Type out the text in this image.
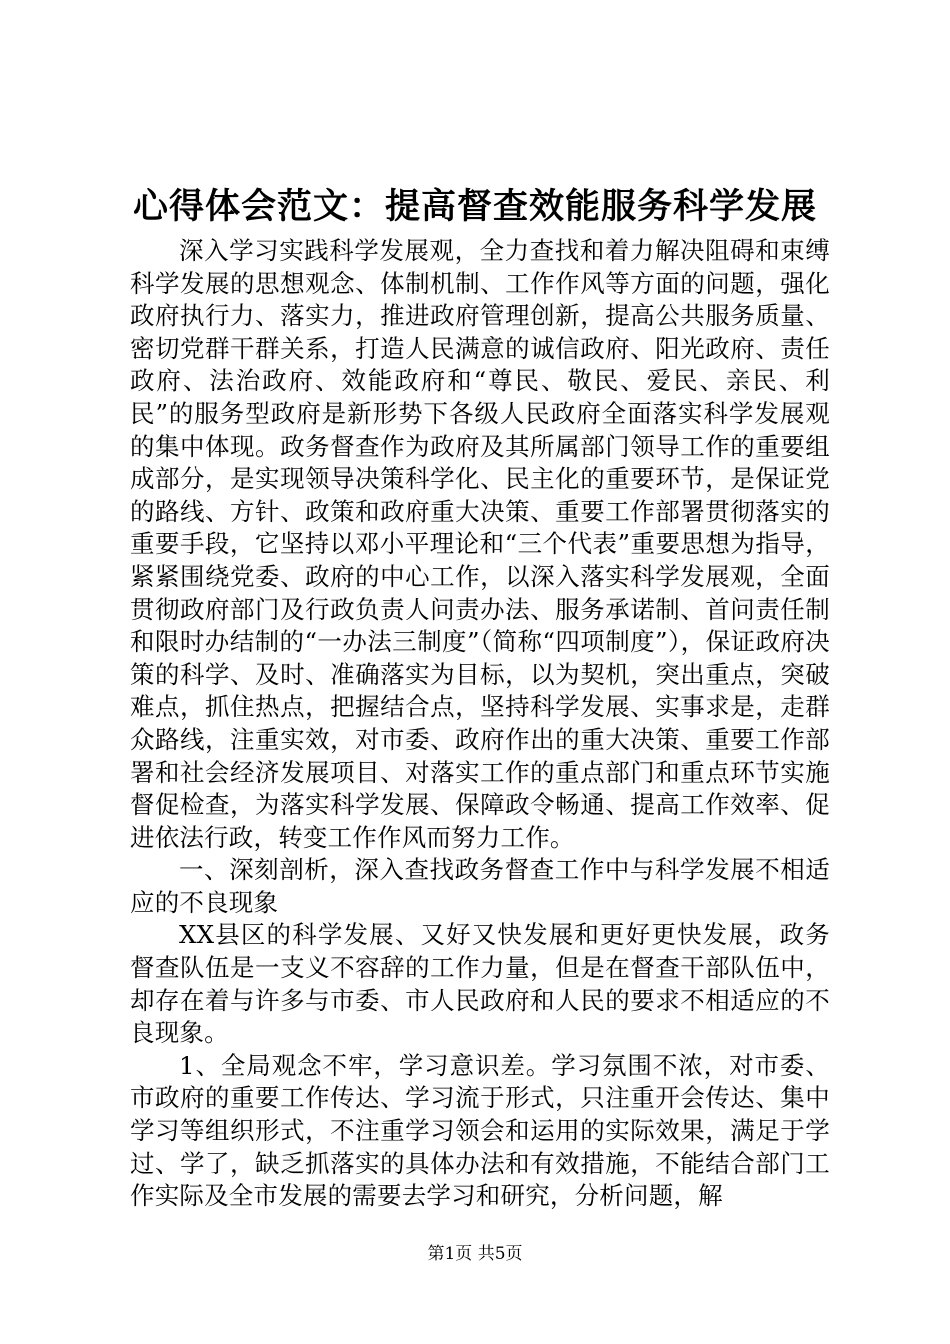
心得体会范文：提高督查效能服务科学发展

深入学习实践科学发展观，全力查找和着力解决阻碍和束缚科学发展的思想观念、体制机制、工作作风等方面的问题，强化政府执行力、落实力，推进政府管理创新，提高公共服务质量、密切党群干群关系，打造人民满意的诚信政府、阳光政府、责任政府、法治政府、效能政府和“尊民、敬民、爱民、亲民、利民”的服务型政府是新形势下各级人民政府全面落实科学发展观的集中体现。政务督查作为政府及其所属部门领导工作的重要组成部分，是实现领导决策科学化、民主化的重要环节，是保证党的路线、方针、政策和政府重大决策、重要工作部署贯彻落实的重要手段，它坚持以邓小平理论和“三个代表”重要思想为指导，紧紧围绕党委、政府的中心工作，以深入落实科学发展观，全面贯彻政府部门及行政负责人问责办法、服务承诺制、首问责任制和限时办结制的“一办法三制度”（简称“四项制度”），保证政府决策的科学、及时、准确落实为目标，以为契机，突出重点，突破难点，抓住热点，把握结合点，坚持科学发展、实事求是，走群众路线，注重实效，对市委、政府作出的重大决策、重要工作部署和社会经济发展项目、对落实工作的重点部门和重点环节实施督促检查，为落实科学发展、保障政令畅通、提高工作效率、促进依法行政，转变工作作风而努力工作。

一、深刻剖析，深入查找政务督查工作中与科学发展不相适应的不良现象

XX县区的科学发展、又好又快发展和更好更快发展，政务督查队伍是一支义不容辞的工作力量，但是在督查干部队伍中，却存在着与许多与市委、市人民政府和人民的要求不相适应的不良现象。

1、全局观念不牢，学习意识差。学习氛围不浓，对市委、市政府的重要工作传达、学习流于形式，只注重开会传达、集中学习等组织形式，不注重学习领会和运用的实际效果，满足于学过、学了，缺乏抓落实的具体办法和有效措施，不能结合部门工作实际及全市发展的需要去学习和研究，分析问题，解

第1页 共5页
